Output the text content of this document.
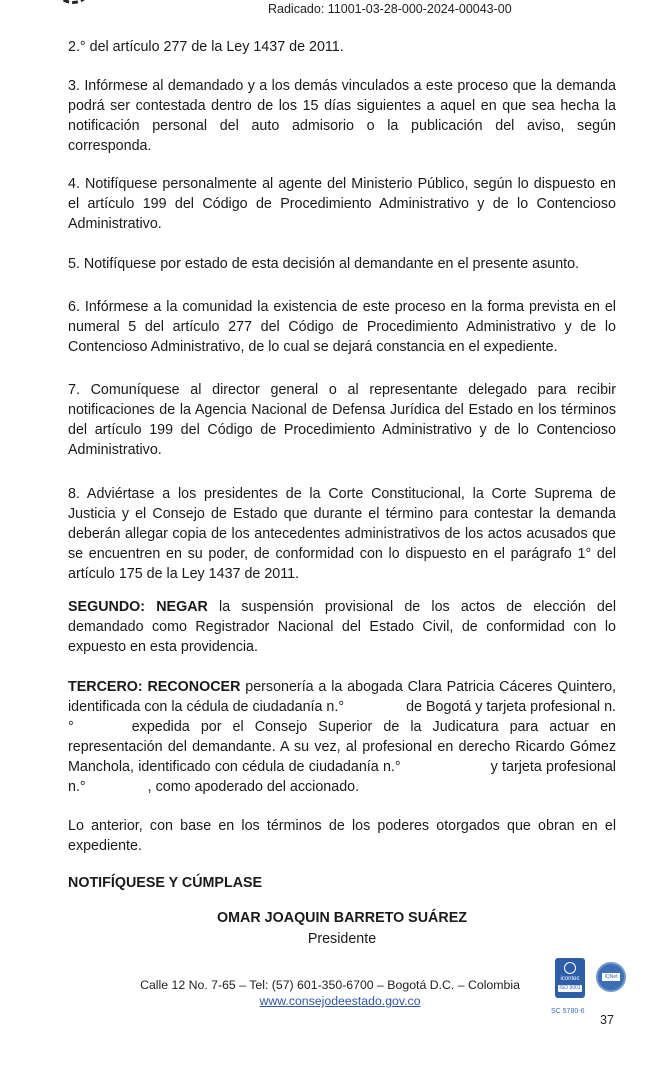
Radicado: 11001-03-28-000-2024-00043-00

2.° del artículo 277 de la Ley 1437 de 2011.

3. Infórmese al demandado y a los demás vinculados a este proceso que la demanda podrá ser contestada dentro de los 15 días siguientes a aquel en que sea hecha la notificación personal del auto admisorio o la publicación del aviso, según corresponda.

4. Notifíquese personalmente al agente del Ministerio Público, según lo dispuesto en el artículo 199 del Código de Procedimiento Administrativo y de lo Contencioso Administrativo.

5. Notifíquese por estado de esta decisión al demandante en el presente asunto.

6. Infórmese a la comunidad la existencia de este proceso en la forma prevista en el numeral 5 del artículo 277 del Código de Procedimiento Administrativo y de lo Contencioso Administrativo, de lo cual se dejará constancia en el expediente.

7. Comuníquese al director general o al representante delegado para recibir notificaciones de la Agencia Nacional de Defensa Jurídica del Estado en los términos del artículo 199 del Código de Procedimiento Administrativo y de lo Contencioso Administrativo.

8. Adviértase a los presidentes de la Corte Constitucional, la Corte Suprema de Justicia y el Consejo de Estado que durante el término para contestar la demanda deberán allegar copia de los antecedentes administrativos de los actos acusados que se encuentren en su poder, de conformidad con lo dispuesto en el parágrafo 1° del artículo 175 de la Ley 1437 de 2011.

SEGUNDO: NEGAR la suspensión provisional de los actos de elección del demandado como Registrador Nacional del Estado Civil, de conformidad con lo expuesto en esta providencia.

TERCERO: RECONOCER personería a la abogada Clara Patricia Cáceres Quintero, identificada con la cédula de ciudadanía n.°	de Bogotá y tarjeta profesional n.°	expedida por el Consejo Superior de la Judicatura para actuar en representación del demandante. A su vez, al profesional en derecho Ricardo Gómez Manchola, identificado con cédula de ciudadanía n.°	y tarjeta profesional n.°	, como apoderado del accionado.

Lo anterior, con base en los términos de los poderes otorgados que obran en el expediente.

NOTIFÍQUESE Y CÚMPLASE

OMAR JOAQUIN BARRETO SUÁREZ
Presidente
Calle 12 No. 7-65 – Tel: (57) 601-350-6700 – Bogotá D.C. – Colombia
www.consejodeestado.gov.co
icontec
ISO 9001
IQNet
SC 5780-6
37
